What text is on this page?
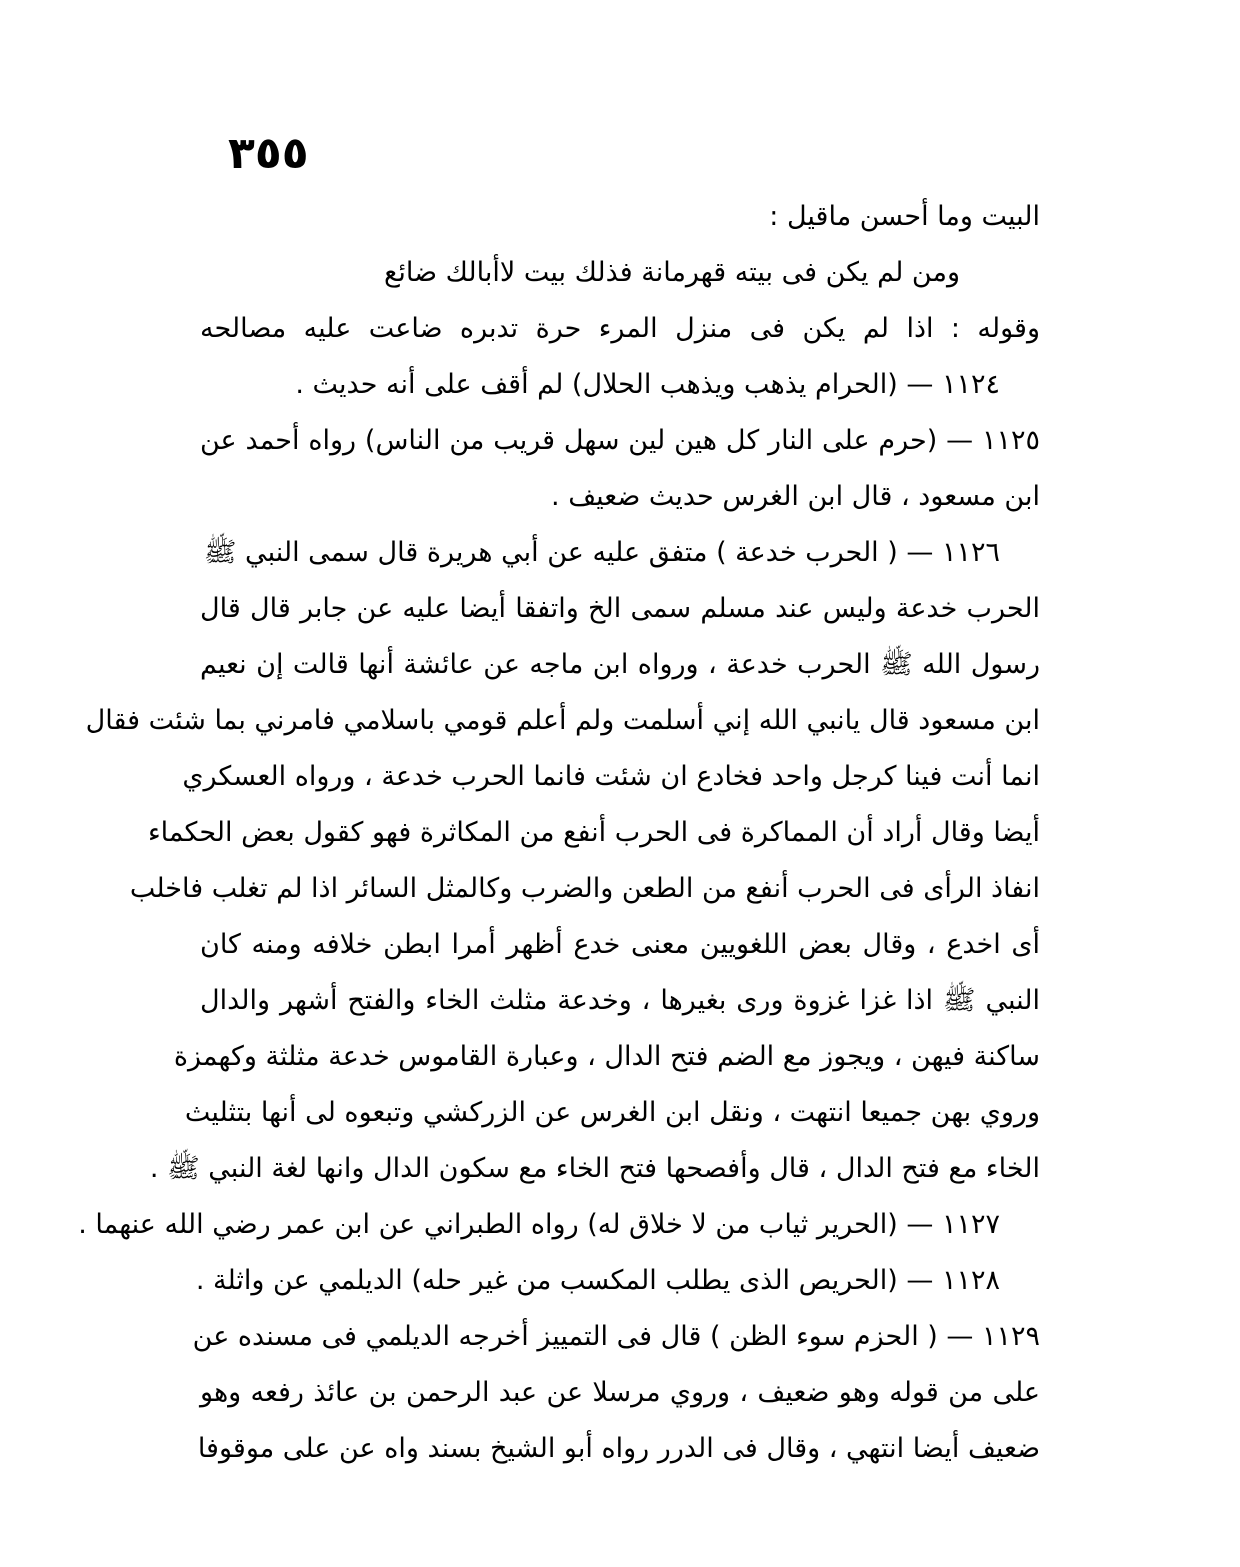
٣٥٥
البيت وما أحسن ماقيل :
ومن لم يكن فى بيته قهرمانة فذلك بيت لاأبالك ضائع
وقوله : اذا لم يكن فى منزل المرء حرة تدبره ضاعت عليه مصالحه
١١٢٤ — (الحرام يذهب ويذهب الحلال) لم أقف على أنه حديث .
١١٢٥ — (حرم على النار كل هين لين سهل قريب من الناس) رواه أحمد عن
ابن مسعود ، قال ابن الغرس حديث ضعيف .
١١٢٦ — ( الحرب خدعة ) متفق عليه عن أبي هريرة قال سمى النبي ﷺ
الحرب خدعة وليس عند مسلم سمى الخ واتفقا أيضا عليه عن جابر قال قال
رسول الله ﷺ الحرب خدعة ، ورواه ابن ماجه عن عائشة أنها قالت إن نعيم
ابن مسعود قال يانبي الله إني أسلمت ولم أعلم قومي باسلامي فامرني بما شئت فقال
انما أنت فينا كرجل واحد فخادع ان شئت فانما الحرب خدعة ، ورواه العسكري
أيضا وقال أراد أن المماكرة فى الحرب أنفع من المكاثرة فهو كقول بعض الحكماء
انفاذ الرأى فى الحرب أنفع من الطعن والضرب وكالمثل السائر اذا لم تغلب فاخلب
أى اخدع ، وقال بعض اللغويين معنى خدع أظهر أمرا ابطن خلافه ومنه كان
النبي ﷺ اذا غزا غزوة ورى بغيرها ، وخدعة مثلث الخاء والفتح أشهر والدال
ساكنة فيهن ، ويجوز مع الضم فتح الدال ، وعبارة القاموس خدعة مثلثة وكهمزة
وروي بهن جميعا انتهت ، ونقل ابن الغرس عن الزركشي وتبعوه لى أنها بتثليث
الخاء مع فتح الدال ، قال وأفصحها فتح الخاء مع سكون الدال وانها لغة النبي ﷺ .
١١٢٧ — (الحرير ثياب من لا خلاق له) رواه الطبراني عن ابن عمر رضي الله عنهما .
١١٢٨ — (الحريص الذى يطلب المكسب من غير حله) الديلمي عن واثلة .
١١٢٩ — ( الحزم سوء الظن ) قال فى التمييز أخرجه الديلمي فى مسنده عن
على من قوله وهو ضعيف ، وروي مرسلا عن عبد الرحمن بن عائذ رفعه وهو
ضعيف أيضا انتهي ، وقال فى الدرر رواه أبو الشيخ بسند واه عن على موقوفا
